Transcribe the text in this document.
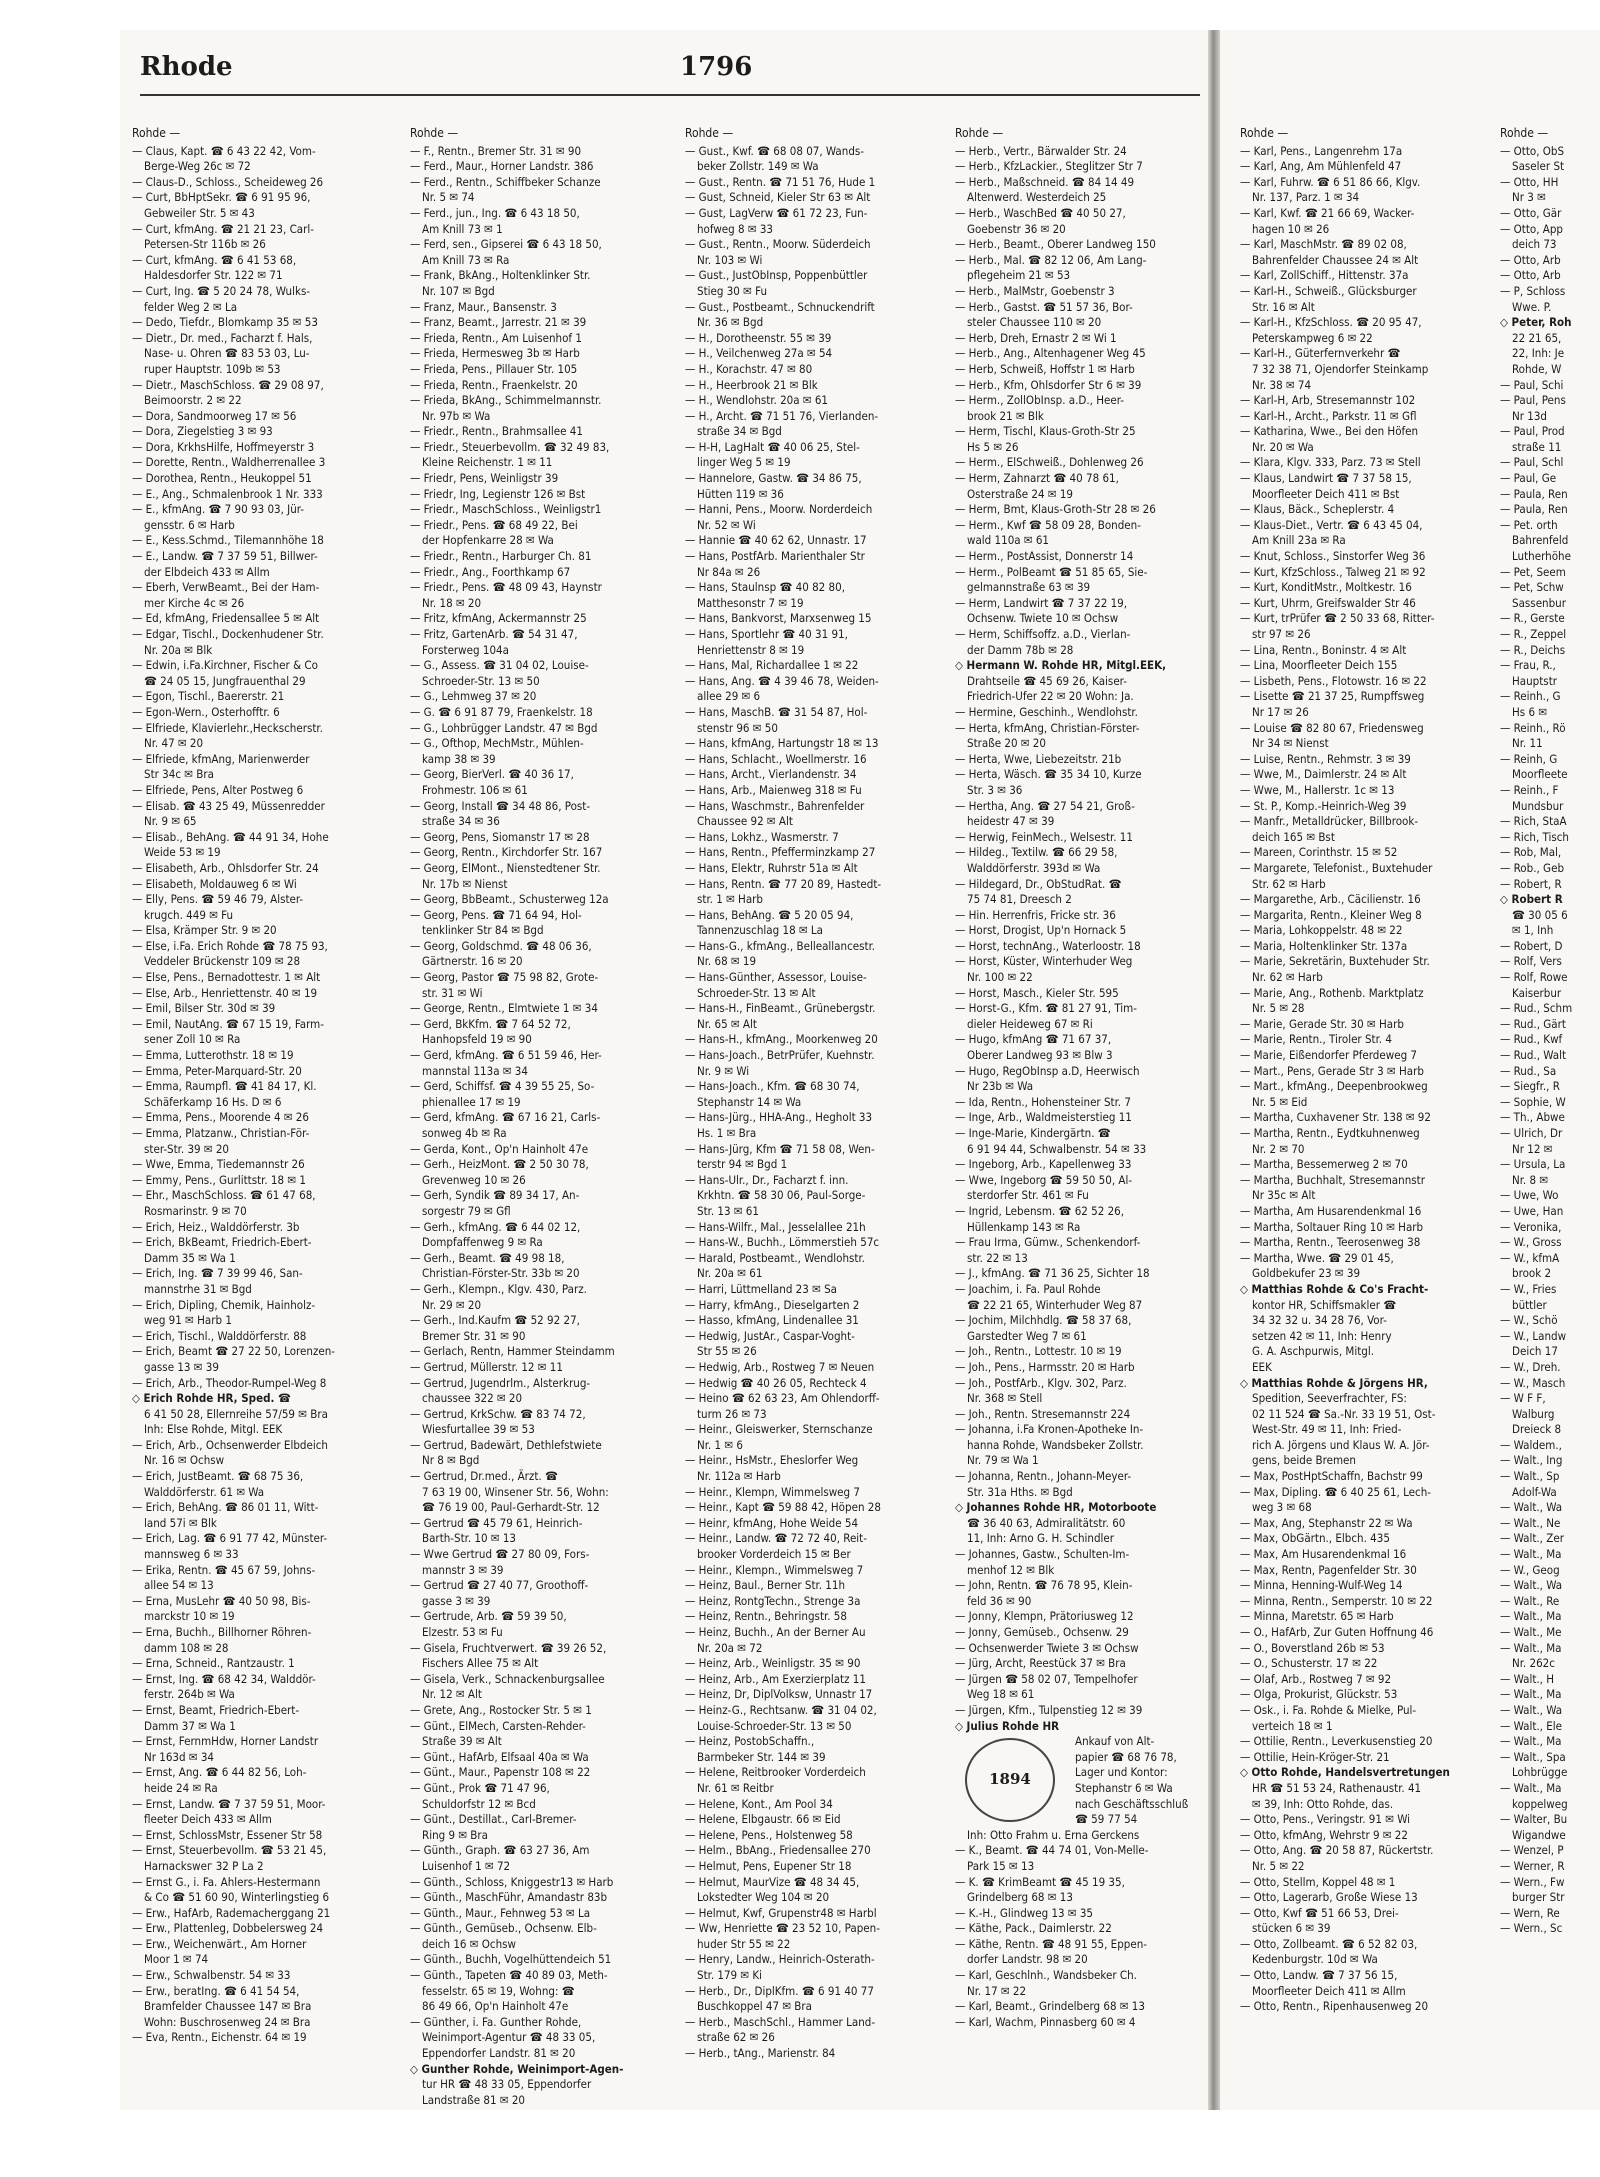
Rhode	1796
Rohde —

— Claus, Kapt. ☎ 6 43 22 42, Vom-

Berge-Weg 26c ✉ 72

— Claus-D., Schloss., Scheideweg 26

— Curt, BbHptSekr. ☎ 6 91 95 96,

Gebweiler Str. 5 ✉ 43

— Curt, kfmAng. ☎ 21 21 23, Carl-

Petersen-Str 116b ✉ 26

— Curt, kfmAng. ☎ 6 41 53 68,

Haldesdorfer Str. 122 ✉ 71

— Curt, Ing. ☎ 5 20 24 78, Wulks-

felder Weg 2 ✉ La

— Dedo, Tiefdr., Blomkamp 35 ✉ 53

— Dietr., Dr. med., Facharzt f. Hals,

Nase- u. Ohren ☎ 83 53 03, Lu-

ruper Hauptstr. 109b ✉ 53

— Dietr., MaschSchloss. ☎ 29 08 97,

Beimoorstr. 2 ✉ 22

— Dora, Sandmoorweg 17 ✉ 56

— Dora, Ziegelstieg 3 ✉ 93

— Dora, KrkhsHilfe, Hoffmeyerstr 3

— Dorette, Rentn., Waldherrenallee 3

— Dorothea, Rentn., Heukoppel 51

— E., Ang., Schmalenbrook 1 Nr. 333

— E., kfmAng. ☎ 7 90 93 03, Jür-

gensstr. 6 ✉ Harb

— E., Kess.Schmd., Tilemannhöhe 18

— E., Landw. ☎ 7 37 59 51, Billwer-

der Elbdeich 433 ✉ Allm

— Eberh, VerwBeamt., Bei der Ham-

mer Kirche 4c ✉ 26

— Ed, kfmAng, Friedensallee 5 ✉ Alt

— Edgar, Tischl., Dockenhudener Str.

Nr. 20a ✉ Blk

— Edwin, i.Fa.Kirchner, Fischer & Co

☎ 24 05 15, Jungfrauenthal 29

— Egon, Tischl., Baererstr. 21

— Egon-Wern., Osterhofftr. 6

— Elfriede, Klavierlehr.,Heckscherstr.

Nr. 47 ✉ 20

— Elfriede, kfmAng, Marienwerder

Str 34c ✉ Bra

— Elfriede, Pens, Alter Postweg 6

— Elisab. ☎ 43 25 49, Müssenredder

Nr. 9 ✉ 65

— Elisab., BehAng. ☎ 44 91 34, Hohe

Weide 53 ✉ 19

— Elisabeth, Arb., Ohlsdorfer Str. 24

— Elisabeth, Moldauweg 6 ✉ Wi

— Elly, Pens. ☎ 59 46 79, Alster-

krugch. 449 ✉ Fu

— Elsa, Krämper Str. 9 ✉ 20

— Else, i.Fa. Erich Rohde ☎ 78 75 93,

Veddeler Brückenstr 109 ✉ 28

— Else, Pens., Bernadottestr. 1 ✉ Alt

— Else, Arb., Henriettenstr. 40 ✉ 19

— Emil, Bilser Str. 30d ✉ 39

— Emil, NautAng. ☎ 67 15 19, Farm-

sener Zoll 10 ✉ Ra

— Emma, Lutterothstr. 18 ✉ 19

— Emma, Peter-Marquard-Str. 20

— Emma, Raumpfl. ☎ 41 84 17, Kl.

Schäferkamp 16 Hs. D ✉ 6

— Emma, Pens., Moorende 4 ✉ 26

— Emma, Platzanw., Christian-För-

ster-Str. 39 ✉ 20

— Wwe, Emma, Tiedemannstr 26

— Emmy, Pens., Gurlittstr. 18 ✉ 1

— Ehr., MaschSchloss. ☎ 61 47 68,

Rosmarinstr. 9 ✉ 70

— Erich, Heiz., Walddörferstr. 3b

— Erich, BkBeamt, Friedrich-Ebert-

Damm 35 ✉ Wa 1

— Erich, Ing. ☎ 7 39 99 46, San-

mannstrhe 31 ✉ Bgd

— Erich, Dipling, Chemik, Hainholz-

weg 91 ✉ Harb 1

— Erich, Tischl., Walddörferstr. 88

— Erich, Beamt ☎ 27 22 50, Lorenzen-

gasse 13 ✉ 39

— Erich, Arb., Theodor-Rumpel-Weg 8

◇ Erich Rohde HR, Sped. ☎

6 41 50 28, Ellernreihe 57/59 ✉ Bra

Inh: Else Rohde, Mitgl. EEK

— Erich, Arb., Ochsenwerder Elbdeich

Nr. 16 ✉ Ochsw

— Erich, JustBeamt. ☎ 68 75 36,

Walddörferstr. 61 ✉ Wa

— Erich, BehAng. ☎ 86 01 11, Witt-

land 57i ✉ Blk

— Erich, Lag. ☎ 6 91 77 42, Münster-

mannsweg 6 ✉ 33

— Erika, Rentn. ☎ 45 67 59, Johns-

allee 54 ✉ 13

— Erna, MusLehr ☎ 40 50 98, Bis-

marckstr 10 ✉ 19

— Erna, Buchh., Billhorner Röhren-

damm 108 ✉ 28

— Erna, Schneid., Rantzaustr. 1

— Ernst, Ing. ☎ 68 42 34, Walddör-

ferstr. 264b ✉ Wa

— Ernst, Beamt, Friedrich-Ebert-

Damm 37 ✉ Wa 1

— Ernst, FernmHdw, Horner Landstr

Nr 163d ✉ 34

— Ernst, Ang. ☎ 6 44 82 56, Loh-

heide 24 ✉ Ra

— Ernst, Landw. ☎ 7 37 59 51, Moor-

fleeter Deich 433 ✉ Allm

— Ernst, SchlossMstr, Essener Str 58

— Ernst, Steuerbevollm. ☎ 53 21 45,

Harnackswег 32 P La 2

— Ernst G., i. Fa. Ahlers-Hestermann

& Co ☎ 51 60 90, Winterlingstieg 6

— Erw., HafArb, Rademacherggang 21

— Erw., Plattenleg, Dobbelersweg 24

— Erw., Weichenwärt., Am Horner

Moor 1 ✉ 74

— Erw., Schwalbenstr. 54 ✉ 33

— Erw., beratIng. ☎ 6 41 54 54,

Bramfelder Chaussee 147 ✉ Bra

Wohn: Buschrosenweg 24 ✉ Bra

— Eva, Rentn., Eichenstr. 64 ✉ 19

Rohde —

— F., Rentn., Bremer Str. 31 ✉ 90

— Ferd., Maur., Horner Landstr. 386

— Ferd., Rentn., Schiffbeker Schanze

Nr. 5 ✉ 74

— Ferd., jun., Ing. ☎ 6 43 18 50,

Am Knill 73 ✉ 1

— Ferd, sen., Gipserei ☎ 6 43 18 50,

Am Knill 73 ✉ Ra

— Frank, BkAng., Holtenklinker Str.

Nr. 107 ✉ Bgd

— Franz, Maur., Bansenstr. 3

— Franz, Beamt., Jarrestr. 21 ✉ 39

— Frieda, Rentn., Am Luisenhof 1

— Frieda, Hermesweg 3b ✉ Harb

— Frieda, Pens., Pillauer Str. 105

— Frieda, Rentn., Fraenkelstr. 20

— Frieda, BkAng., Schimmelmannstr.

Nr. 97b ✉ Wa

— Friedr., Rentn., Brahmsallee 41

— Friedr., Steuerbevollm. ☎ 32 49 83,

Kleine Reichenstr. 1 ✉ 11

— Friedr, Pens, Weinligstr 39

— Friedr, Ing, Legienstr 126 ✉ Bst

— Friedr., MaschSchloss., Weinligstr1

— Friedr., Pens. ☎ 68 49 22, Bei

der Hopfenkarre 28 ✉ Wa

— Friedr., Rentn., Harburger Ch. 81

— Friedr., Ang., Foorthkamp 67

— Friedr., Pens. ☎ 48 09 43, Haynstr

Nr. 18 ✉ 20

— Fritz, kfmAng, Ackermannstr 25

— Fritz, GartenArb. ☎ 54 31 47,

Forsterweg 104a

— G., Assess. ☎ 31 04 02, Louise-

Schroeder-Str. 13 ✉ 50

— G., Lehmweg 37 ✉ 20

— G. ☎ 6 91 87 79, Fraenkelstr. 18

— G., Lohbrügger Landstr. 47 ✉ Bgd

— G., Ofthop, MechMstr., Mühlen-

kamp 38 ✉ 39

— Georg, BierVerl. ☎ 40 36 17,

Frohmestr. 106 ✉ 61

— Georg, Install ☎ 34 48 86, Post-

straße 34 ✉ 36

— Georg, Pens, Siomanstr 17 ✉ 28

— Georg, Rentn., Kirchdorfer Str. 167

— Georg, ElMont., Nienstedtener Str.

Nr. 17b ✉ Nienst

— Georg, BbBeamt., Schusterweg 12a

— Georg, Pens. ☎ 71 64 94, Hol-

tenklinker Str 84 ✉ Bgd

— Georg, Goldschmd. ☎ 48 06 36,

Gärtnerstr. 16 ✉ 20

— Georg, Pastor ☎ 75 98 82, Grote-

str. 31 ✉ Wi

— George, Rentn., Elmtwiete 1 ✉ 34

— Gerd, BkKfm. ☎ 7 64 52 72,

Hanhopsfeld 19 ✉ 90

— Gerd, kfmAng. ☎ 6 51 59 46, Her-

mannstal 113a ✉ 34

— Gerd, Schiffsf. ☎ 4 39 55 25, So-

phienallee 17 ✉ 19

— Gerd, kfmAng. ☎ 67 16 21, Carls-

sonweg 4b ✉ Ra

— Gerda, Kont., Op'n Hainholt 47e

— Gerh., HeizMont. ☎ 2 50 30 78,

Grevenweg 10 ✉ 26

— Gerh, Syndik ☎ 89 34 17, An-

sorgestr 79 ✉ Gfl

— Gerh., kfmAng. ☎ 6 44 02 12,

Dompfaffenweg 9 ✉ Ra

— Gerh., Beamt. ☎ 49 98 18,

Christian-Förster-Str. 33b ✉ 20

— Gerh., Klempn., Klgv. 430, Parz.

Nr. 29 ✉ 20

— Gerh., Ind.Kaufm ☎ 52 92 27,

Bremer Str. 31 ✉ 90

— Gerlach, Rentn, Hammer Steindamm

— Gertrud, Müllerstr. 12 ✉ 11

— Gertrud, Jugendrlm., Alsterkrug-

chaussee 322 ✉ 20

— Gertrud, KrkSchw. ☎ 83 74 72,

Wiesfurtallee 39 ✉ 53

— Gertrud, Badewärt, Dethlefstwiete

Nr 8 ✉ Bgd

— Gertrud, Dr.med., Ärzt. ☎

7 63 19 00, Winsener Str. 56, Wohn:

☎ 76 19 00, Paul-Gerhardt-Str. 12

— Gertrud ☎ 45 79 61, Heinrich-

Barth-Str. 10 ✉ 13

— Wwe Gertrud ☎ 27 80 09, Fors-

mannstr 3 ✉ 39

— Gertrud ☎ 27 40 77, Groothoff-

gasse 3 ✉ 39

— Gertrude, Arb. ☎ 59 39 50,

Elzestr. 53 ✉ Fu

— Gisela, Fruchtverwert. ☎ 39 26 52,

Fischers Allee 75 ✉ Alt

— Gisela, Verk., Schnackenburgsallee

Nr. 12 ✉ Alt

— Grete, Ang., Rostocker Str. 5 ✉ 1

— Günt., ElMech, Carsten-Rehder-

Straße 39 ✉ Alt

— Günt., HafArb, Elfsaal 40a ✉ Wa

— Günt., Maur., Papenstr 108 ✉ 22

— Günt., Prok ☎ 71 47 96,

Schuldorfstr 12 ✉ Bcd

— Günt., Destillat., Carl-Bremer-

Ring 9 ✉ Bra

— Günth., Graph. ☎ 63 27 36, Am

Luisenhof 1 ✉ 72

— Günth., Schloss, Kniggestr13 ✉ Harb

— Günth., MaschFühr, Amandastr 83b

— Günth., Maur., Fehnweg 53 ✉ La

— Günth., Gemüseb., Ochsenw. Elb-

deich 16 ✉ Ochsw

— Günth., Buchh, Vogelhüttendeich 51

— Günth., Tapeten ☎ 40 89 03, Meth-

fesselstr. 65 ✉ 19, Wohng: ☎

86 49 66, Op'n Hainholt 47e

— Günther, i. Fa. Gunther Rohde,

Weinimport-Agentur ☎ 48 33 05,

Eppendorfer Landstr. 81 ✉ 20

◇ Gunther Rohde, Weinimport-Agen-

tur HR ☎ 48 33 05, Eppendorfer

Landstraße 81 ✉ 20

Rohde —

— Gust., Kwf. ☎ 68 08 07, Wands-

beker Zollstr. 149 ✉ Wa

— Gust., Rentn. ☎ 71 51 76, Hude 1

— Gust, Schneid, Kieler Str 63 ✉ Alt

— Gust, LagVerw ☎ 61 72 23, Fun-

hofweg 8 ✉ 33

— Gust., Rentn., Moorw. Süderdeich

Nr. 103 ✉ Wi

— Gust., JustObInsp, Poppenbüttler

Stieg 30 ✉ Fu

— Gust., Postbeamt., Schnuckendrift

Nr. 36 ✉ Bgd

— H., Dorotheenstr. 55 ✉ 39

— H., Veilchenweg 27a ✉ 54

— H., Korachstr. 47 ✉ 80

— H., Heerbrook 21 ✉ Blk

— H., Wendlohstr. 20a ✉ 61

— H., Archt. ☎ 71 51 76, Vierlanden-

straße 34 ✉ Bgd

— H-H, LagHalt ☎ 40 06 25, Stel-

linger Weg 5 ✉ 19

— Hannelore, Gastw. ☎ 34 86 75,

Hütten 119 ✉ 36

— Hanni, Pens., Moorw. Norderdeich

Nr. 52 ✉ Wi

— Hannie ☎ 40 62 62, Unnastr. 17

— Hans, PostfArb. Marienthaler Str

Nr 84a ✉ 26

— Hans, Staulnsp ☎ 40 82 80,

Matthesonstr 7 ✉ 19

— Hans, Bankvorst, Marxsenweg 15

— Hans, Sportlehr ☎ 40 31 91,

Henriettenstr 8 ✉ 19

— Hans, Mal, Richardallee 1 ✉ 22

— Hans, Ang. ☎ 4 39 46 78, Weiden-

allee 29 ✉ 6

— Hans, MaschB. ☎ 31 54 87, Hol-

stenstr 96 ✉ 50

— Hans, kfmAng, Hartungstr 18 ✉ 13

— Hans, Schlacht., Woellmerstr. 16

— Hans, Archt., Vierlandenstr. 34

— Hans, Arb., Maienweg 318 ✉ Fu

— Hans, Waschmstr., Bahrenfelder

Chaussee 92 ✉ Alt

— Hans, Lokhz., Wasmerstr. 7

— Hans, Rentn., Pfefferminzkamp 27

— Hans, Elektr, Ruhrstr 51a ✉ Alt

— Hans, Rentn. ☎ 77 20 89, Hastedt-

str. 1 ✉ Harb

— Hans, BehAng. ☎ 5 20 05 94,

Tannenzuschlag 18 ✉ La

— Hans-G., kfmAng., Belleallancestr.

Nr. 68 ✉ 19

— Hans-Günther, Assessor, Louise-

Schroeder-Str. 13 ✉ Alt

— Hans-H., FinBeamt., Grünebergstr.

Nr. 65 ✉ Alt

— Hans-H., kfmAng., Moorkenweg 20

— Hans-Joach., BetrPrüfer, Kuehnstr.

Nr. 9 ✉ Wi

— Hans-Joach., Kfm. ☎ 68 30 74,

Stephanstr 14 ✉ Wa

— Hans-Jürg., HHA-Ang., Hegholt 33

Hs. 1 ✉ Bra

— Hans-Jürg, Kfm ☎ 71 58 08, Wen-

terstr 94 ✉ Bgd 1

— Hans-Ulr., Dr., Facharzt f. inn.

Krkhtn. ☎ 58 30 06, Paul-Sorge-

Str. 13 ✉ 61

— Hans-Wilfr., Mal., Jesselallee 21h

— Hans-W., Buchh., Lömmerstieh 57c

— Harald, Postbeamt., Wendlohstr.

Nr. 20a ✉ 61

— Harri, Lüttmelland 23 ✉ Sa

— Harry, kfmAng., Dieselgarten 2

— Hasso, kfmAng, Lindenallee 31

— Hedwig, JustAr., Caspar-Voght-

Str 55 ✉ 26

— Hedwig, Arb., Rostweg 7 ✉ Neuen

— Hedwig ☎ 40 26 05, Rechteck 4

— Heino ☎ 62 63 23, Am Ohlendorff-

turm 26 ✉ 73

— Heinr., Gleiswerker, Sternschanze

Nr. 1 ✉ 6

— Heinr., HsMstr., Eheslorfer Weg

Nr. 112a ✉ Harb

— Heinr., Klempn, Wimmelsweg 7

— Heinr., Kapt ☎ 59 88 42, Höpen 28

— Heinr, kfmAng, Hohe Weide 54

— Heinr., Landw. ☎ 72 72 40, Reit-

brooker Vorderdeich 15 ✉ Ber

— Heinr., Klempn., Wimmelsweg 7

— Heinz, Baul., Berner Str. 11h

— Heinz, RontgTechn., Strenge 3a

— Heinz, Rentn., Behringstr. 58

— Heinz, Buchh., An der Berner Au

Nr. 20a ✉ 72

— Heinz, Arb., Weinligstr. 35 ✉ 90

— Heinz, Arb., Am Exerzierplatz 11

— Heinz, Dr, DiplVolksw, Unnastr 17

— Heinz-G., Rechtsanw. ☎ 31 04 02,

Louise-Schroeder-Str. 13 ✉ 50

— Heinz, PostobSchaffn.,

Barmbeker Str. 144 ✉ 39

— Helene, Reitbrooker Vorderdeich

Nr. 61 ✉ Reitbr

— Helene, Kont., Am Pool 34

— Helene, Elbgaustr. 66 ✉ Eid

— Helene, Pens., Holstenweg 58

— Helm., BbAng., Friedensallee 270

— Helmut, Pens, Eupener Str 18

— Helmut, MaurVize ☎ 48 34 45,

Lokstedter Weg 104 ✉ 20

— Helmut, Kwf, Grupenstr48 ✉ Harbl

— Ww, Henriette ☎ 23 52 10, Papen-

huder Str 55 ✉ 22

— Henry, Landw., Heinrich-Osterath-

Str. 179 ✉ Ki

— Herb., Dr., DiplKfm. ☎ 6 91 40 77

Buschkoppel 47 ✉ Bra

— Herb., MaschSchl., Hammer Land-

straße 62 ✉ 26

— Herb., tAng., Marienstr. 84

Rohde —

— Herb., Vertr., Bärwalder Str. 24

— Herb., KfzLackier., Steglitzer Str 7

— Herb., Maßschneid. ☎ 84 14 49

Altenwerd. Westerdeich 25

— Herb., WaschBed ☎ 40 50 27,

Goebenstr 36 ✉ 20

— Herb., Beamt., Oberer Landweg 150

— Herb., Mal. ☎ 82 12 06, Am Lang-

pflegeheim 21 ✉ 53

— Herb., MalMstr, Goebenstr 3

— Herb., Gastst. ☎ 51 57 36, Bor-

steler Chaussee 110 ✉ 20

— Herb, Dreh, Ernastr 2 ✉ Wi 1

— Herb., Ang., Altenhagener Weg 45

— Herb, Schweiß, Hoffstr 1 ✉ Harb

— Herb., Kfm, Ohlsdorfer Str 6 ✉ 39

— Herm., ZollObInsp. a.D., Heer-

brook 21 ✉ Blk

— Herm, Tischl, Klaus-Groth-Str 25

Hs 5 ✉ 26

— Herm., ElSchweiß., Dohlenweg 26

— Herm, Zahnarzt ☎ 40 78 61,

Osterstraße 24 ✉ 19

— Herm, Bmt, Klaus-Groth-Str 28 ✉ 26

— Herm., Kwf ☎ 58 09 28, Bonden-

wald 110a ✉ 61

— Herm., PostAssist, Donnerstr 14

— Herm., PolBeamt ☎ 51 85 65, Sie-

gelmannstraße 63 ✉ 39

— Herm, Landwirt ☎ 7 37 22 19,

Ochsenw. Twiete 10 ✉ Ochsw

— Herm, Schiffsoffz. a.D., Vierlan-

der Damm 78b ✉ 28

◇ Hermann W. Rohde HR, Mitgl.EEK,

Drahtseile ☎ 45 69 26, Kaiser-

Friedrich-Ufer 22 ✉ 20 Wohn: Ja.

— Hermine, Geschinh., Wendlohstr.

— Herta, kfmAng, Christian-Förster-

Straße 20 ✉ 20

— Herta, Wwe, Liebezeitstr. 21b

— Herta, Wäsch. ☎ 35 34 10, Kurze

Str. 3 ✉ 36

— Hertha, Ang. ☎ 27 54 21, Groß-

heidestr 47 ✉ 39

— Herwig, FeinMech., Welsestr. 11

— Hildeg., Textilw. ☎ 66 29 58,

Walddörferstr. 393d ✉ Wa

— Hildegard, Dr., ObStudRat. ☎

75 74 81, Dreesch 2

— Hin. Herrenfris, Fricke str. 36

— Horst, Drogist, Up'n Hornack 5

— Horst, technAng., Waterloostr. 18

— Horst, Küster, Winterhuder Weg

Nr. 100 ✉ 22

— Horst, Masch., Kieler Str. 595

— Horst-G., Kfm. ☎ 81 27 91, Tim-

dieler Heideweg 67 ✉ Ri

— Hugo, kfmAng ☎ 71 67 37,

Oberer Landweg 93 ✉ Blw 3

— Hugo, RegObInsp a.D, Heerwisch

Nr 23b ✉ Wa

— Ida, Rentn., Hohensteiner Str. 7

— Inge, Arb., Waldmeisterstieg 11

— Inge-Marie, Kindergärtn. ☎

6 91 94 44, Schwalbenstr. 54 ✉ 33

— Ingeborg, Arb., Kapellenweg 33

— Wwe, Ingeborg ☎ 59 50 50, Al-

sterdorfer Str. 461 ✉ Fu

— Ingrid, Lebensm. ☎ 62 52 26,

Hüllenkamp 143 ✉ Ra

— Frau Irma, Gümw., Schenkendorf-

str. 22 ✉ 13

— J., kfmAng. ☎ 71 36 25, Sichter 18

— Joachim, i. Fa. Paul Rohde

☎ 22 21 65, Winterhuder Weg 87

— Jochim, Milchhdlg. ☎ 58 37 68,

Garstedter Weg 7 ✉ 61

— Joh., Rentn., Lottestr. 10 ✉ 19

— Joh., Pens., Harmsstr. 20 ✉ Harb

— Joh., PostfArb., Klgv. 302, Parz.

Nr. 368 ✉ Stell

— Joh., Rentn. Stresemannstr 224

— Johanna, i.Fa Kronen-Apotheke In-

hanna Rohde, Wandsbeker Zollstr.

Nr. 79 ✉ Wa 1

— Johanna, Rentn., Johann-Meyer-

Str. 31a Hths. ✉ Bgd

◇ Johannes Rohde HR, Motorboote

☎ 36 40 63, Admiralitätstr. 60

11, Inh: Arno G. H. Schindler

— Johannes, Gastw., Schulten-Im-

menhof 12 ✉ Blk

— John, Rentn. ☎ 76 78 95, Klein-

feld 36 ✉ 90

— Jonny, Klempn, Prätoriusweg 12

— Jonny, Gemüseb., Ochsenw. 29

— Ochsenwerder Twiete 3 ✉ Ochsw

— Jürg, Archt, Reestück 37 ✉ Bra

— Jürgen ☎ 58 02 07, Tempelhofer

Weg 18 ✉ 61

— Jürgen, Kfm., Tulpenstieg 12 ✉ 39

◇ Julius Rohde HR

1894

Ankauf von Alt-

papier ☎ 68 76 78,

Lager und Kontor:

Stephanstr 6 ✉ Wa

nach Geschäftsschluß

☎ 59 77 54

Inh: Otto Frahm u. Erna Gerckens

— K., Beamt. ☎ 44 74 01, Von-Melle-

Park 15 ✉ 13

— K. ☎ KrimBeamt ☎ 45 19 35,

Grindelberg 68 ✉ 13

— K.-H., Glindweg 13 ✉ 35

— Käthe, Pack., Daimlerstr. 22

— Käthe, Rentn. ☎ 48 91 55, Eppen-

dorfer Landstr. 98 ✉ 20

— Karl, Geschlnh., Wandsbeker Ch.

Nr. 17 ✉ 22

— Karl, Beamt., Grindelberg 68 ✉ 13

— Karl, Wachm, Pinnasberg 60 ✉ 4

Rohde —

— Karl, Pens., Langenrehm 17a

— Karl, Ang, Am Mühlenfeld 47

— Karl, Fuhrw. ☎ 6 51 86 66, Klgv.

Nr. 137, Parz. 1 ✉ 34

— Karl, Kwf. ☎ 21 66 69, Wacker-

hagen 10 ✉ 26

— Karl, MaschMstr. ☎ 89 02 08,

Bahrenfelder Chaussee 24 ✉ Alt

— Karl, ZollSchiff., Hittenstr. 37a

— Karl-H., Schweiß., Glücksburger

Str. 16 ✉ Alt

— Karl-H., KfzSchloss. ☎ 20 95 47,

Peterskampweg 6 ✉ 22

— Karl-H., Güterfernverkehr ☎

7 32 38 71, Ojendorfer Steinkamp

Nr. 38 ✉ 74

— Karl-H, Arb, Stresemannstr 102

— Karl-H., Archt., Parkstr. 11 ✉ Gfl

— Katharina, Wwe., Bei den Höfen

Nr. 20 ✉ Wa

— Klara, Klgv. 333, Parz. 73 ✉ Stell

— Klaus, Landwirt ☎ 7 37 58 15,

Moorfleeter Deich 411 ✉ Bst

— Klaus, Bäck., Scheplerstr. 4

— Klaus-Diet., Vertr. ☎ 6 43 45 04,

Am Knill 23a ✉ Ra

— Knut, Schloss., Sinstorfer Weg 36

— Kurt, KfzSchloss., Talweg 21 ✉ 92

— Kurt, KonditMstr., Moltkestr. 16

— Kurt, Uhrm, Greifswalder Str 46

— Kurt, trPrüfer ☎ 2 50 33 68, Ritter-

str 97 ✉ 26

— Lina, Rentn., Boninstr. 4 ✉ Alt

— Lina, Moorfleeter Deich 155

— Lisbeth, Pens., Flotowstr. 16 ✉ 22

— Lisette ☎ 21 37 25, Rumpffsweg

Nr 17 ✉ 26

— Louise ☎ 82 80 67, Friedensweg

Nr 34 ✉ Nienst

— Luise, Rentn., Rehmstr. 3 ✉ 39

— Wwe, M., Daimlerstr. 24 ✉ Alt

— Wwe, M., Hallerstr. 1c ✉ 13

— St. P., Komp.-Heinrich-Weg 39

— Manfr., Metalldrücker, Billbrook-

deich 165 ✉ Bst

— Mareen, Corinthstr. 15 ✉ 52

— Margarete, Telefonist., Buxtehuder

Str. 62 ✉ Harb

— Margarethe, Arb., Cäcilienstr. 16

— Margarita, Rentn., Kleiner Weg 8

— Maria, Lohkoppelstr. 48 ✉ 22

— Maria, Holtenklinker Str. 137a

— Marie, Sekretärin, Buxtehuder Str.

Nr. 62 ✉ Harb

— Marie, Ang., Rothenb. Marktplatz

Nr. 5 ✉ 28

— Marie, Gerade Str. 30 ✉ Harb

— Marie, Rentn., Tiroler Str. 4

— Marie, Eißendorfer Pferdeweg 7

— Mart., Pens, Gerade Str 3 ✉ Harb

— Mart., kfmAng., Deepenbrookweg

Nr. 5 ✉ Eid

— Martha, Cuxhavener Str. 138 ✉ 92

— Martha, Rentn., Eydtkuhnenweg

Nr. 2 ✉ 70

— Martha, Bessemerweg 2 ✉ 70

— Martha, Buchhalt, Stresemannstr

Nr 35c ✉ Alt

— Martha, Am Husarendenkmal 16

— Martha, Soltauer Ring 10 ✉ Harb

— Martha, Rentn., Teerosenweg 38

— Martha, Wwe. ☎ 29 01 45,

Goldbekufer 23 ✉ 39

◇ Matthias Rohde & Co's Fracht-

kontor HR, Schiffsmakler ☎

34 32 32 u. 34 28 76, Vor-

setzen 42 ✉ 11, Inh: Henry

G. A. Aschpurwis, Mitgl.

EEK

◇ Matthias Rohde & Jörgens HR,

Spedition, Seeverfrachter, FS:

02 11 524 ☎ Sa.-Nr. 33 19 51, Ost-

West-Str. 49 ✉ 11, Inh: Fried-

rich A. Jörgens und Klaus W. A. Jör-

gens, beide Bremen

— Max, PostHptSchaffn, Bachstr 99

— Max, Dipling. ☎ 6 40 25 61, Lech-

weg 3 ✉ 68

— Max, Ang, Stephanstr 22 ✉ Wa

— Max, ObGärtn., Elbch. 435

— Max, Am Husarendenkmal 16

— Max, Rentn, Pagenfelder Str. 30

— Minna, Henning-Wulf-Weg 14

— Minna, Rentn., Semperstr. 10 ✉ 22

— Minna, Maretstr. 65 ✉ Harb

— O., HafArb, Zur Guten Hoffnung 46

— O., Boverstland 26b ✉ 53

— O., Schusterstr. 17 ✉ 22

— Olaf, Arb., Rostweg 7 ✉ 92

— Olga, Prokurist, Glückstr. 53

— Osk., i. Fa. Rohde & Mielke, Pul-

verteich 18 ✉ 1

— Ottilie, Rentn., Leverkusenstieg 20

— Ottilie, Hein-Kröger-Str. 21

◇ Otto Rohde, Handelsvertretungen

HR ☎ 51 53 24, Rathenaustr. 41

✉ 39, Inh: Otto Rohde, das.

— Otto, Pens., Veringstr. 91 ✉ Wi

— Otto, kfmAng, Wehrstr 9 ✉ 22

— Otto, Ang. ☎ 20 58 87, Rückertstr.

Nr. 5 ✉ 22

— Otto, Stellm, Koppel 48 ✉ 1

— Otto, Lagerarb, Große Wiese 13

— Otto, Kwf ☎ 51 66 53, Drei-

stücken 6 ✉ 39

— Otto, Zollbeamt. ☎ 6 52 82 03,

Kedenburgstr. 10d ✉ Wa

— Otto, Landw. ☎ 7 37 56 15,

Moorfleeter Deich 411 ✉ Allm

— Otto, Rentn., Ripenhausenweg 20

Rohde —

— Otto, ObS

Saseler St

— Otto, HH

Nr 3 ✉

— Otto, Gär

— Otto, App

deich 73

— Otto, Arb

— Otto, Arb

— P, Schloss

Wwe. P.

◇ Peter, Roh

22 21 65,

22, Inh: Je

Rohde, W

— Paul, Schi

— Paul, Pens

Nr 13d

— Paul, Prod

straße 11

— Paul, Schl

— Paul, Ge

— Paula, Ren

— Paula, Ren

— Pet. orth

Bahrenfeld

Lutherhöhe

— Pet, Seem

— Pet, Schw

Sassenbur

— R., Gerste

— R., Zeppel

— R., Deichs

— Frau, R.,

Hauptstr

— Reinh., G

Hs 6 ✉

— Reinh., Rö

Nr. 11

— Reinh, G

Moorfleete

— Reinh., F

Mundsbur

— Rich, StaA

— Rich, Tisch

— Rob, Mal,

— Rob., Geb

— Robert, R

◇ Robert R

☎ 30 05 6

✉ 1, Inh

— Robert, D

— Rolf, Vers

— Rolf, Rowe

Kaiserbur

— Rud., Schm

— Rud., Gärt

— Rud., Kwf

— Rud., Walt

— Rud., Sa

— Siegfr., R

— Sophie, W

— Th., Abwe

— Ulrich, Dr

Nr 12 ✉

— Ursula, La

Nr. 8 ✉

— Uwe, Wo

— Uwe, Han

— Veronika,

— W., Gross

— W., kfmA

brook 2

— W., Fries

büttler

— W., Schö

— W., Landw

Deich 17

— W., Dreh.

— W., Masch

— W F F,

Walburg

Dreieck 8

— Waldem.,

— Walt., Ing

— Walt., Sp

Adolf-Wa

— Walt., Wa

— Walt., Ne

— Walt., Zer

— Walt., Ma

— W., Geog

— Walt., Wa

— Walt., Re

— Walt., Ma

— Walt., Me

— Walt., Ma

Nr. 262c

— Walt., H

— Walt., Ma

— Walt., Wa

— Walt., Ele

— Walt., Ma

— Walt., Spa

Lohbrügge

— Walt., Ma

koppelweg

— Walter, Bu

Wigandwe

— Wenzel, P

— Werner, R

— Wern., Fw

burger Str

— Wern, Re

— Wern., Sc
